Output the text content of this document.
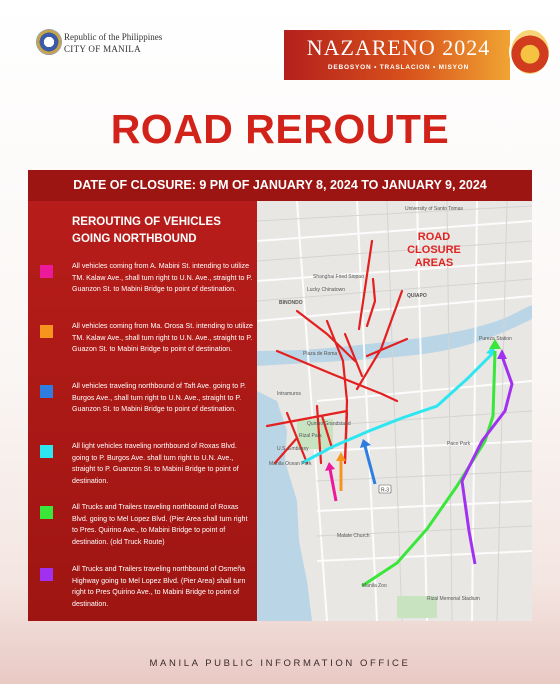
Republic of the Philippines
CITY OF MANILA	NAZARENO 2024
DEBOSYON • TRASLACION • MISYON
ROAD REROUTE
DATE OF CLOSURE: 9 PM OF JANUARY 8, 2024 TO JANUARY 9, 2024
REROUTING OF VEHICLES
GOING NORTHBOUND
All vehicles coming from A. Mabini St. intending to utilize TM. Kalaw Ave., shall turn right to U.N. Ave., straight to P. Guanzon St. to Mabini Bridge to point of destination.
All vehicles coming from Ma. Orosa St. intending to utilize TM. Kalaw Ave., shall turn right to U.N. Ave., straight to P. Guazon St. to Mabini Bridge to point of destination.
All vehicles traveling northbound of Taft Ave. going to P. Burgos Ave., shall turn right to U.N. Ave., straight to P. Guanzon St. to Mabini Bridge to point of destination.
All light vehicles traveling northbound of Roxas Blvd. going to P. Burgos Ave. shall turn right to U.N. Ave., straight to P. Guanzon St. to Mabini Bridge to point of destination.
All Trucks and Trailers traveling northbound of Roxas Blvd. going to Mel Lopez Blvd. (Pier Area shall turn right to Pres. Quirino Ave., to Mabini Bridge to point of destination. (old Truck Route)
All Trucks and Trailers traveling northbound of Osmeña Highway going to Mel Lopez Blvd. (Pier Area) shall turn right to Pres Quirino Ave., to Mabini Bridge to point of destination.
R-3
ROAD
CLOSURE
AREAS
University of Santo Tomas
Shanghai Fried Siopao
Lucky Chinatown
BINONDO
QUIAPO
Plaza de Roma
Pureza Station
Rizal Park
Manila Ocean Park
Intramuros
Malate Church
Rizal Memorial Stadium
Manila Zoo
Quirino Grandstand
Paco Park
U.S. Embassy
MANILA PUBLIC INFORMATION OFFICE
